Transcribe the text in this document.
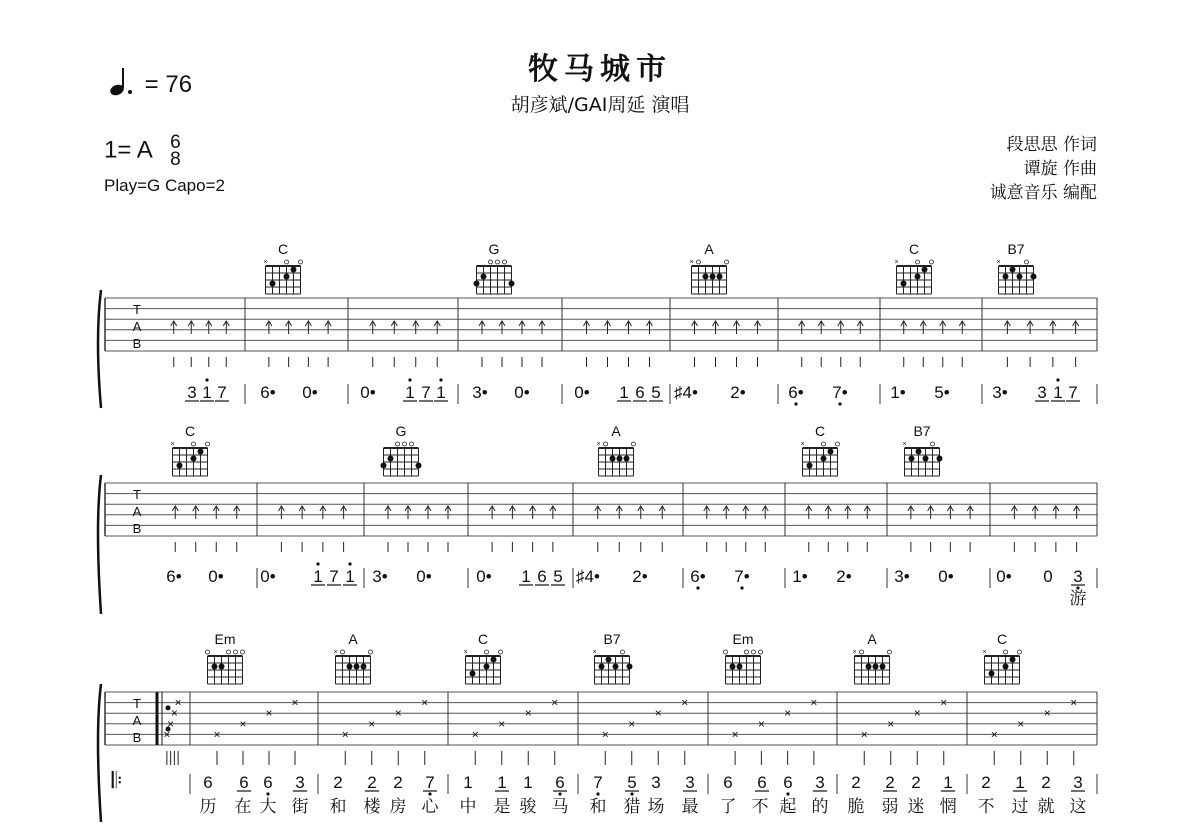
牧马城市
胡彦斌/GAI周延 演唱
= 76
1= A 6
8
Play=G Capo=2
段思思 作词
谭旋 作曲
诚意音乐 编配
T
A
B
3 1 7 6• 0•	0• 1 7 1 3• 0•	0• 1 6 5 ♯4• 2•	6• 7•	1• 5•	3• 3 1 7
C
×
G	A
×
C
×
B7
×
T
A
B
6• 0• 0• 1 7 1 3• 0•	0• 1 6 5 ♯4• 2•	6• 7•	1• 2•	3• 0•	0• 0 3
游
C
×
G	A
×
C
×
B7
×
T
A
B
𝄆
×
×
×
×
×
×
×
×
×
×
×
×
×
×
×
×
×
×
×
×
×
×
×
×
×
×
×
×
×
×
×
×
6 6 6 3 2 2 2 7 1 1 1 6 7 5 3 3 6 6 6 3 2 2 2 1 2 1 2 3
历 在 大 街 和 楼 房 心 中 是 骏 马 和 猎 场 最 了 不 起 的 脆 弱 迷 惘 不 过 就 这
Em	A
×
C
×
B7
×
Em	A
×
C
×
